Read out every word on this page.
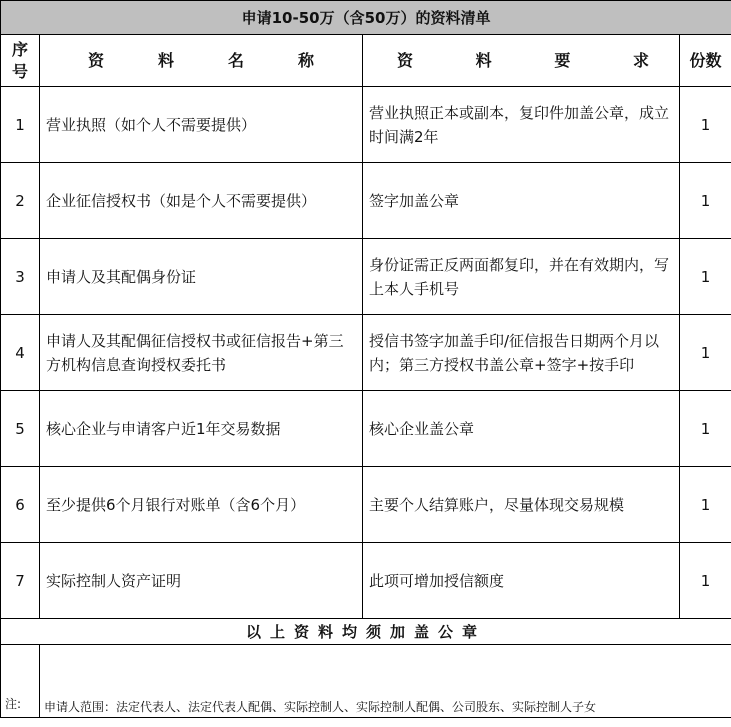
申请10-50万（含50万）的资料清单			

序号	资 料 名 称	资 料 要 求	份数
1	营业执照（如个人不需要提供）	营业执照正本或副本，复印件加盖公章，成立时间满2年	1
2	企业征信授权书（如是个人不需要提供）	签字加盖公章	1
3	申请人及其配偶身份证	身份证需正反两面都复印，并在有效期内，写上本人手机号	1
4	申请人及其配偶征信授权书或征信报告+第三方机构信息查询授权委托书	授信书签字加盖手印/征信报告日期两个月以内；第三方授权书盖公章+签字+按手印	1
5	核心企业与申请客户近1年交易数据	核心企业盖公章	1
6	至少提供6个月银行对账单（含6个月）	主要个人结算账户，尽量体现交易规模	1
7	实际控制人资产证明	此项可增加授信额度	1
以上资料均须加盖公章			
注:	申请人范围：法定代表人、法定代表人配偶、实际控制人、实际控制人配偶、公司股东、实际控制人子女		
